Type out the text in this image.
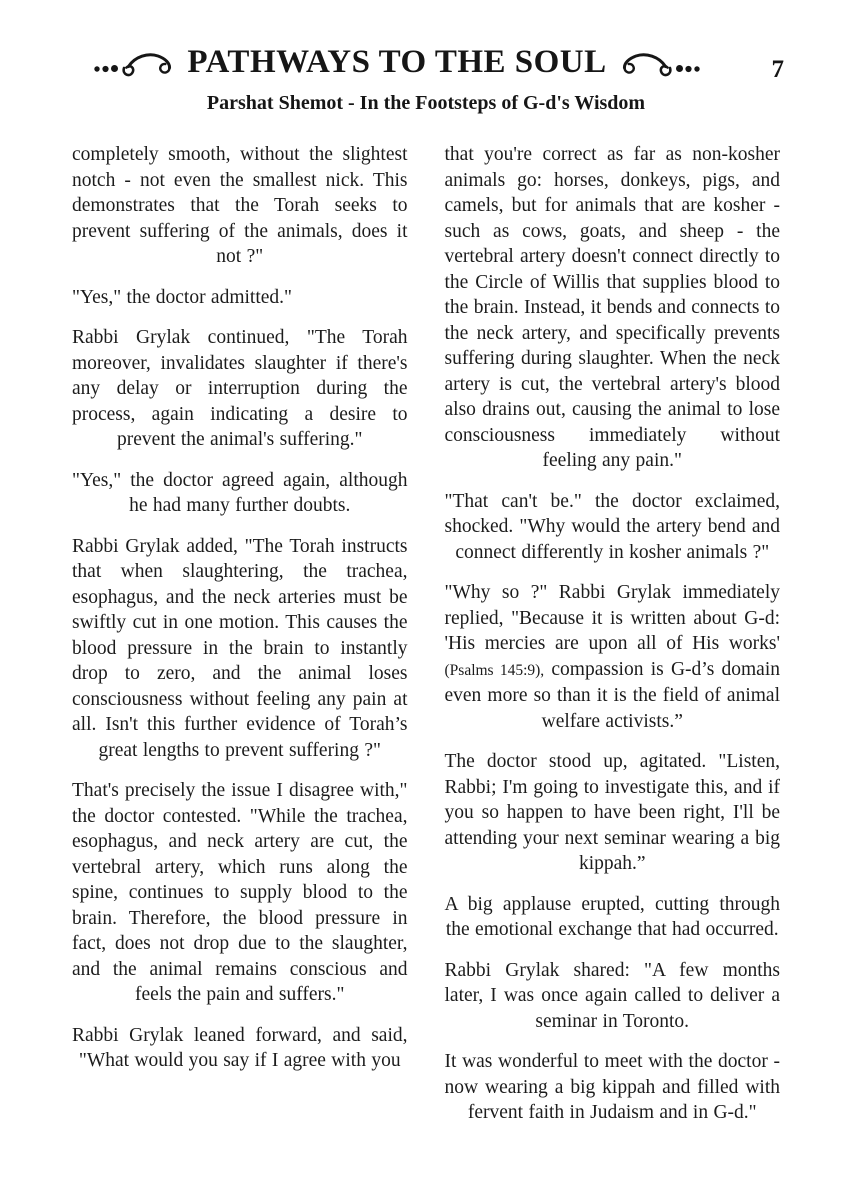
PATHWAYS TO THE SOUL	7
Parshat Shemot - In the Footsteps of G-d's Wisdom

completely smooth, without the slightest notch - not even the smallest nick. This demonstrates that the Torah seeks to prevent suffering of the animals, does it not ?"

"Yes," the doctor admitted."

Rabbi Grylak continued, "The Torah moreover, invalidates slaughter if there's any delay or interruption during the process, again indicating a desire to prevent the animal's suffering."

"Yes," the doctor agreed again, although he had many further doubts.

Rabbi Grylak added, "The Torah instructs that when slaughtering, the trachea, esophagus, and the neck arteries must be swiftly cut in one motion. This causes the blood pressure in the brain to instantly drop to zero, and the animal loses consciousness without feeling any pain at all. Isn't this further evidence of Torah’s great lengths to prevent suffering ?"

That's precisely the issue I disagree with," the doctor contested. "While the trachea, esophagus, and neck artery are cut, the vertebral artery, which runs along the spine, continues to supply blood to the brain. Therefore, the blood pressure in fact, does not drop due to the slaughter, and the animal remains conscious and feels the pain and suffers."

Rabbi Grylak leaned forward, and said, "What would you say if I agree with you

that you're correct as far as non-kosher animals go: horses, donkeys, pigs, and camels, but for animals that are kosher - such as cows, goats, and sheep - the vertebral artery doesn't connect directly to the Circle of Willis that supplies blood to the brain. Instead, it bends and connects to the neck artery, and specifically prevents suffering during slaughter. When the neck artery is cut, the vertebral artery's blood also drains out, causing the animal to lose consciousness immediately without feeling any pain."

"That can't be." the doctor exclaimed, shocked. "Why would the artery bend and connect differently in kosher animals ?"

"Why so ?" Rabbi Grylak immediately replied, "Because it is written about G-d: 'His mercies are upon all of His works' (Psalms 145:9), compassion is G-d’s domain even more so than it is the field of animal welfare activists.”

The doctor stood up, agitated. "Listen, Rabbi; I'm going to investigate this, and if you so happen to have been right, I'll be attending your next seminar wearing a big kippah.”

A big applause erupted, cutting through the emotional exchange that had occurred.

Rabbi Grylak shared: "A few months later, I was once again called to deliver a seminar in Toronto.

It was wonderful to meet with the doctor - now wearing a big kippah and filled with fervent faith in Judaism and in G-d."
